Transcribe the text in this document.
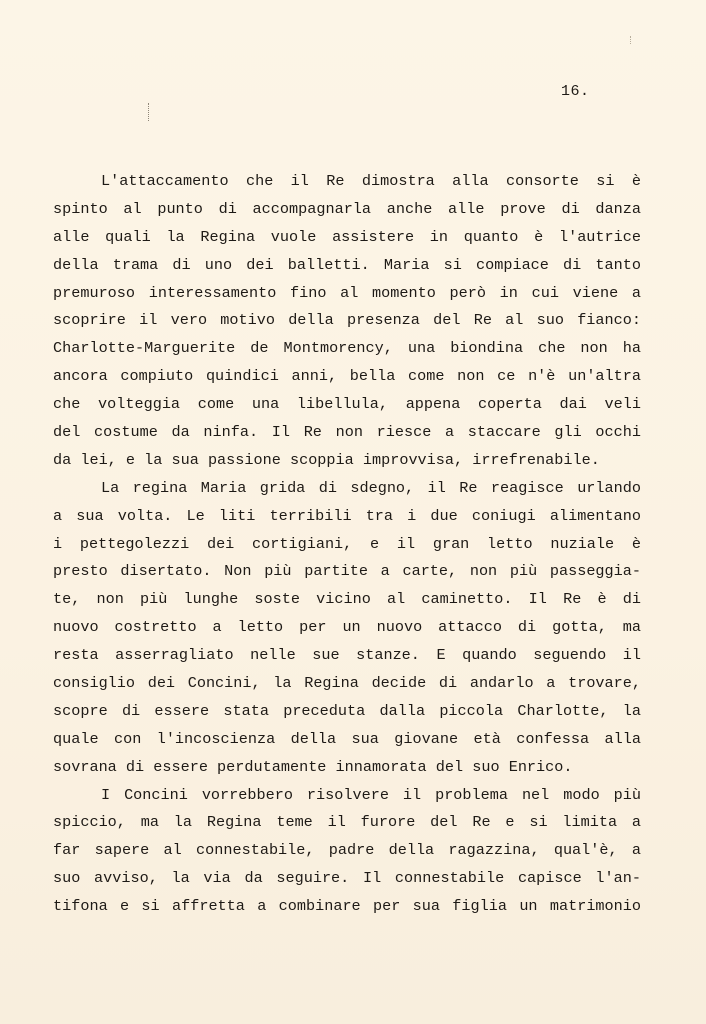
16.
L'attaccamento che il Re dimostra alla consorte si è
spinto al punto di accompagnarla anche alle prove di danza
alle quali la Regina vuole assistere in quanto è l'autrice
della trama di uno dei balletti. Maria si compiace di tanto
premuroso interessamento fino al momento però in cui viene a
scoprire il vero motivo della presenza del Re al suo fianco:
Charlotte-Marguerite de Montmorency, una biondina che non ha
ancora compiuto quindici anni, bella come non ce n'è un'altra
che volteggia come una libellula, appena coperta dai veli
del costume da ninfa. Il Re non riesce a staccare gli occhi
da lei, e la sua passione scoppia improvvisa, irrefrenabile.
La regina Maria grida di sdegno, il Re reagisce urlando
a sua volta. Le liti terribili tra i due coniugi alimentano
i pettegolezzi dei cortigiani, e il gran letto nuziale è
presto disertato. Non più partite a carte, non più passeggia-
te, non più lunghe soste vicino al caminetto. Il Re è di
nuovo costretto a letto per un nuovo attacco di gotta, ma
resta asserragliato nelle sue stanze. E quando seguendo il
consiglio dei Concini, la Regina decide di andarlo a trovare,
scopre di essere stata preceduta dalla piccola Charlotte, la
quale con l'incoscienza della sua giovane età confessa alla
sovrana di essere perdutamente innamorata del suo Enrico.
I Concini vorrebbero risolvere il problema nel modo più
spiccio, ma la Regina teme il furore del Re e si limita a
far sapere al connestabile, padre della ragazzina, qual'è, a
suo avviso, la via da seguire. Il connestabile capisce l'an-
tifona e si affretta a combinare per sua figlia un matrimonio
